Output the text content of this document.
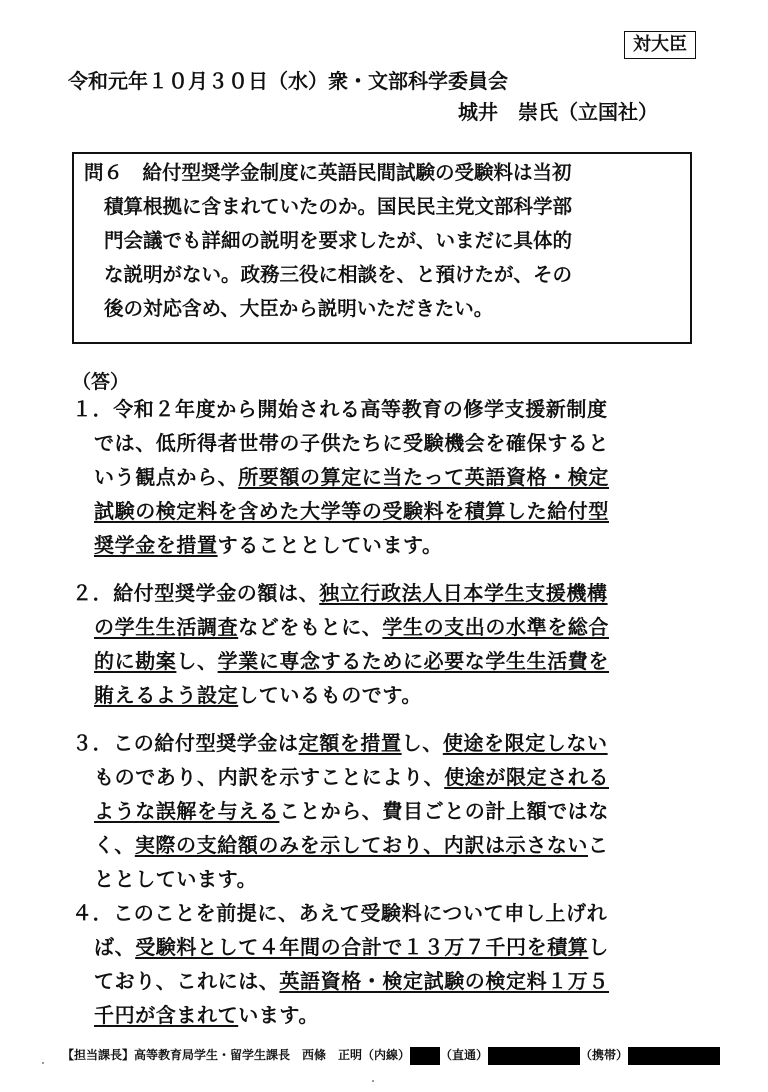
対大臣
令和元年１０月３０日（水）衆・文部科学委員会
城井　崇氏（立国社）
問６　給付型奨学金制度に英語民間試験の受験料は当初
積算根拠に含まれていたのか。国民民主党文部科学部
門会議でも詳細の説明を要求したが、いまだに具体的
な説明がない。政務三役に相談を、と預けたが、その
後の対応含め、大臣から説明いただきたい。
（答）
１．令和２年度から開始される高等教育の修学支援新制度
では、低所得者世帯の子供たちに受験機会を確保すると
いう観点から、所要額の算定に当たって英語資格・検定
試験の検定料を含めた大学等の受験料を積算した給付型
奨学金を措置することとしています。
２．給付型奨学金の額は、独立行政法人日本学生支援機構
の学生生活調査などをもとに、学生の支出の水準を総合
的に勘案し、学業に専念するために必要な学生生活費を
賄えるよう設定しているものです。
３．この給付型奨学金は定額を措置し、使途を限定しない
ものであり、内訳を示すことにより、使途が限定される
ような誤解を与えることから、費目ごとの計上額ではな
く、実際の支給額のみを示しており、内訳は示さないこ
ととしています。
４．このことを前提に、あえて受験料について申し上げれ
ば、受験料として４年間の合計で１３万７千円を積算し
ており、これには、英語資格・検定試験の検定料１万５
千円が含まれています。
【担当課長】高等教育局学生・留学生課長　西條　正明（内線）	（直通）	（携帯）
